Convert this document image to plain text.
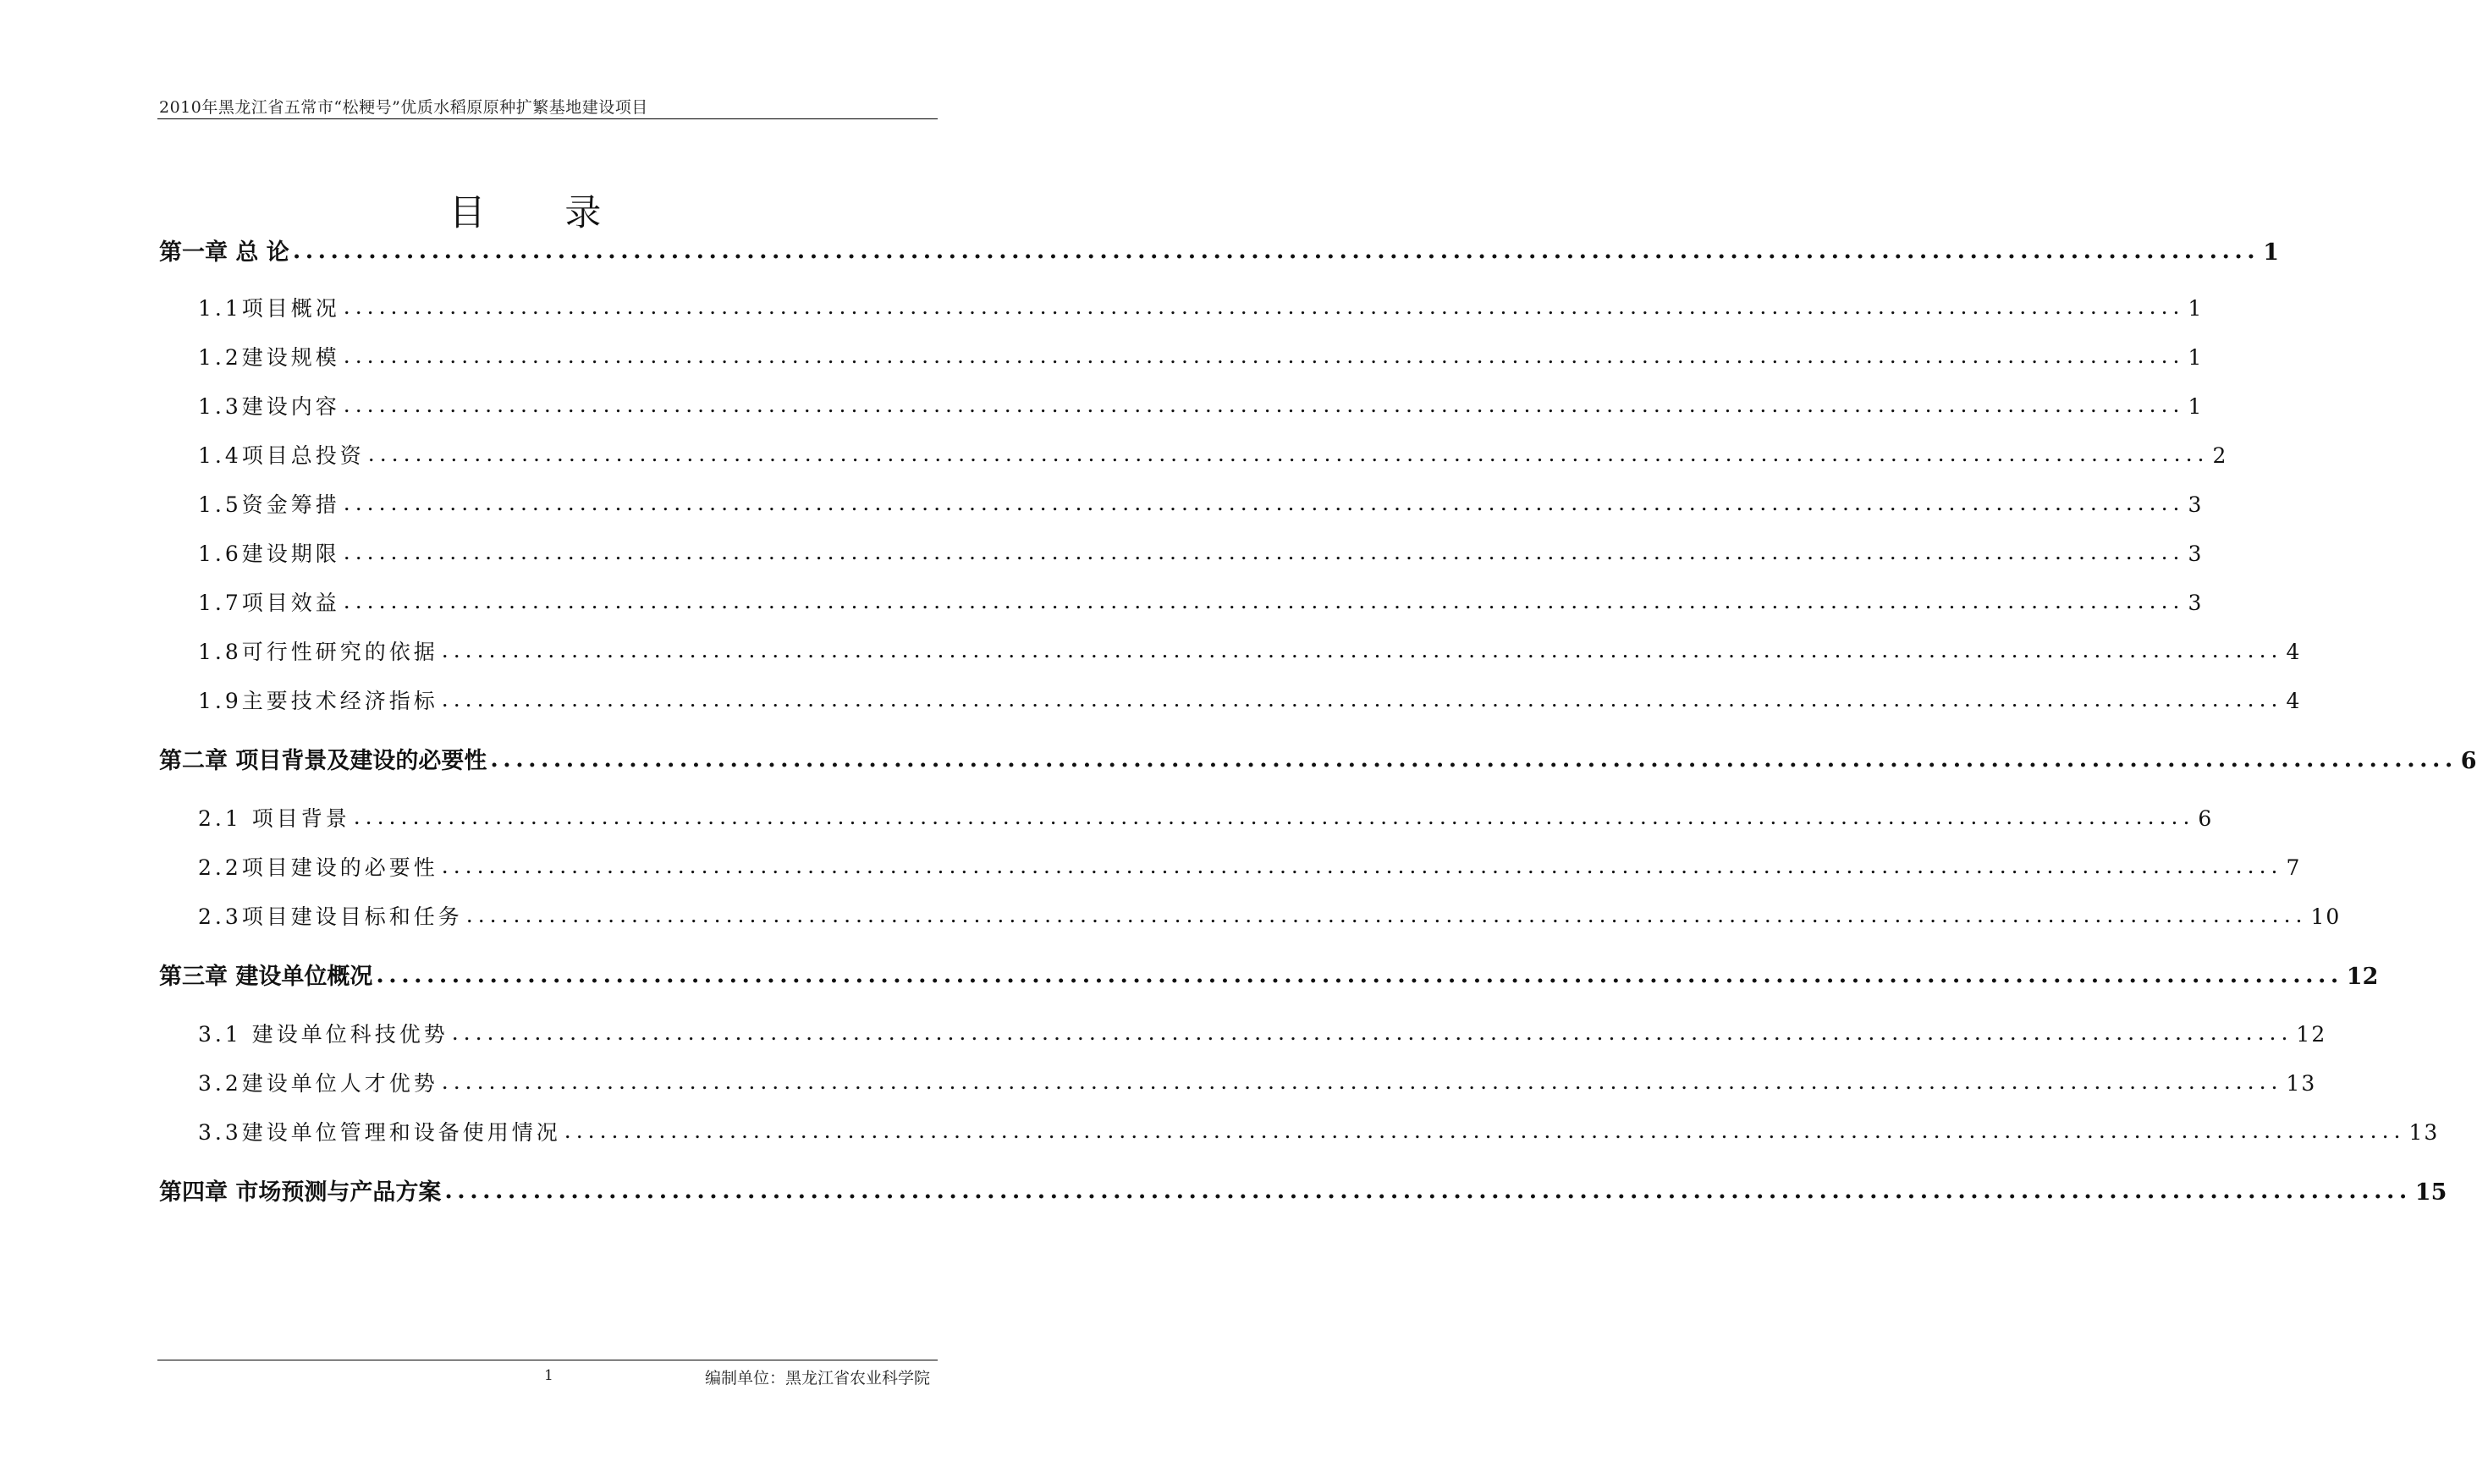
2010年黑龙江省五常市“松粳号”优质水稻原原种扩繁基地建设项目
目 录
第一章 总 论 ............................................................................................................................................................ 1
1.1项目概况 ............................................................................................................................................................ 1
1.2建设规模 ............................................................................................................................................................ 1
1.3建设内容 ............................................................................................................................................................ 1
1.4项目总投资 ............................................................................................................................................................ 2
1.5资金筹措 ............................................................................................................................................................ 3
1.6建设期限 ............................................................................................................................................................ 3
1.7项目效益 ............................................................................................................................................................ 3
1.8可行性研究的依据 ............................................................................................................................................................ 4
1.9主要技术经济指标 ............................................................................................................................................................ 4
第二章 项目背景及建设的必要性 ............................................................................................................................................................ 6
2.1 项目背景 ............................................................................................................................................................ 6
2.2项目建设的必要性 ............................................................................................................................................................ 7
2.3项目建设目标和任务 ............................................................................................................................................................ 10
第三章 建设单位概况 ............................................................................................................................................................ 12
3.1 建设单位科技优势 ............................................................................................................................................................ 12
3.2建设单位人才优势 ............................................................................................................................................................ 13
3.3建设单位管理和设备使用情况 ............................................................................................................................................................ 13
第四章 市场预测与产品方案 ............................................................................................................................................................ 15
1	编制单位：黑龙江省农业科学院
